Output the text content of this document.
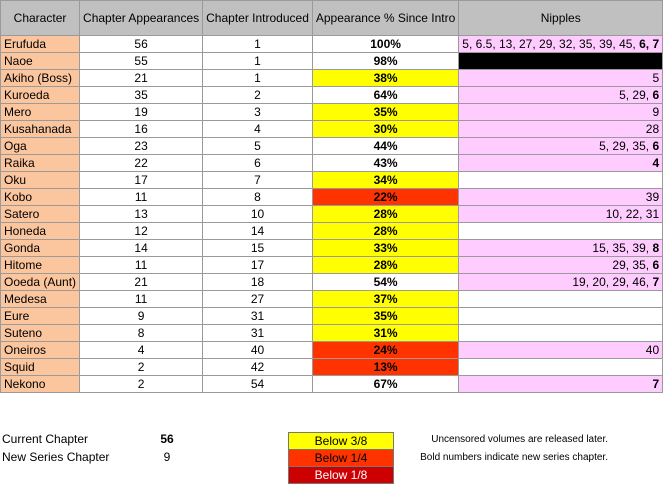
Character	Chapter Appearances	Chapter Introduced	Appearance % Since Intro	Nipples
Erufuda	56	1	100%	5, 6.5, 13, 27, 29, 32, 35, 39, 45, 6, 7
Naoe	55	1	98%	
Akiho (Boss)	21	1	38%	5
Kuroeda	35	2	64%	5, 29, 6
Mero	19	3	35%	9
Kusahanada	16	4	30%	28
Oga	23	5	44%	5, 29, 35, 6
Raika	22	6	43%	4
Oku	17	7	34%	
Kobo	11	8	22%	39
Satero	13	10	28%	10, 22, 31
Honeda	12	14	28%	
Gonda	14	15	33%	15, 35, 39, 8
Hitome	11	17	28%	29, 35, 6
Ooeda (Aunt)	21	18	54%	19, 20, 29, 46, 7
Medesa	11	27	37%	
Eure	9	31	35%	
Suteno	8	31	31%	
Oneiros	4	40	24%	40
Squid	2	42	13%	
Nekono	2	54	67%	7
Current Chapter	56
New Series Chapter	9
Below 3/8
Below 1/4
Below 1/8
Uncensored volumes are released later.
Bold numbers indicate new series chapter.
